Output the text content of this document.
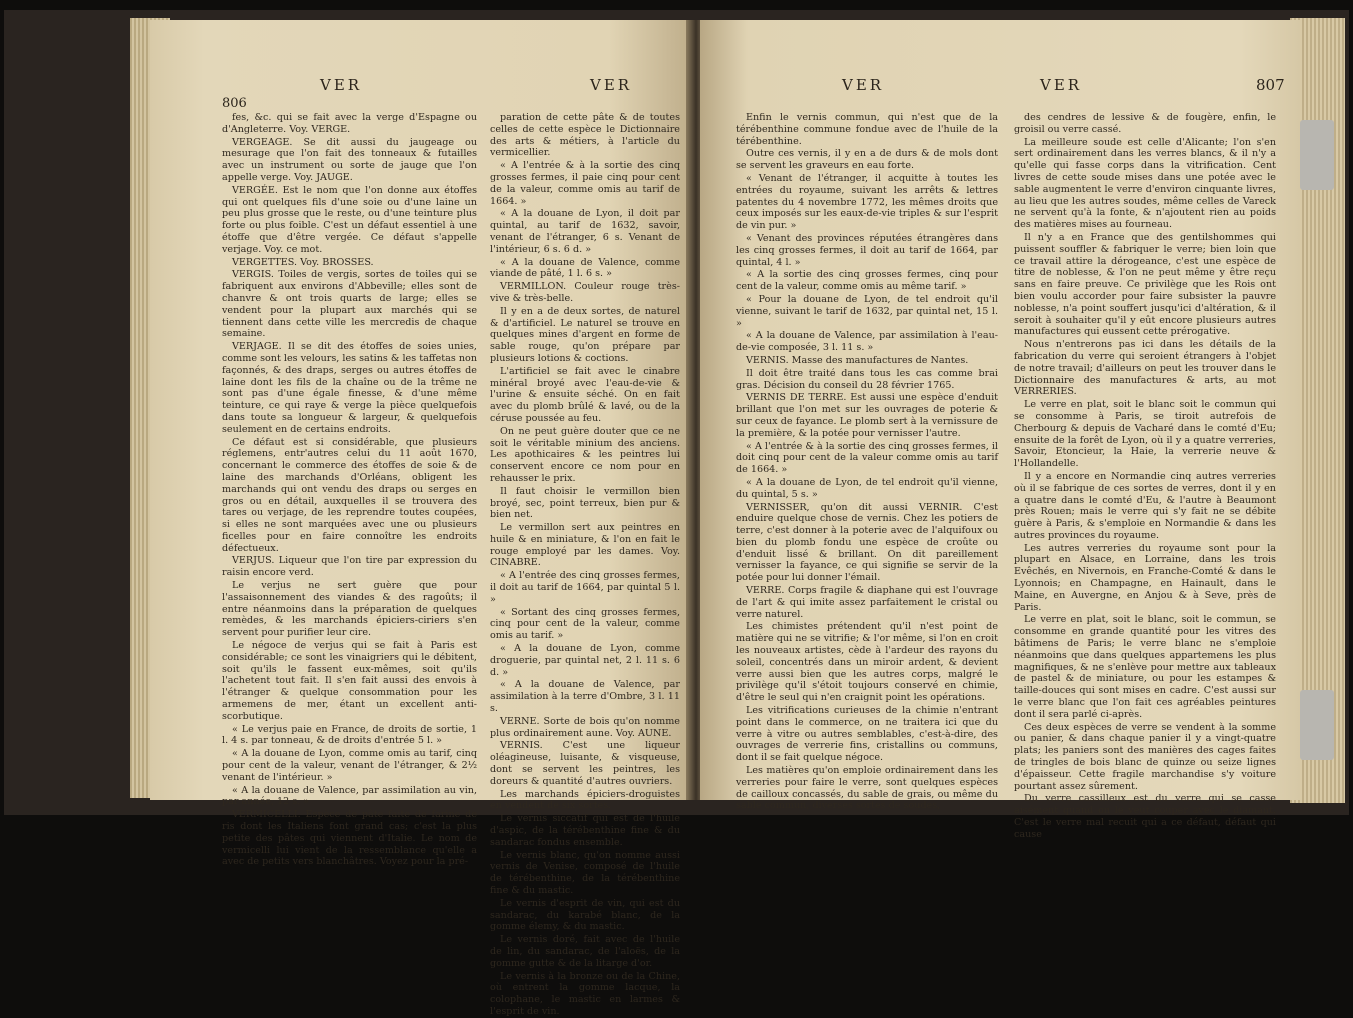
806
VER	VER

fes, &c. qui se fait avec la verge d'Espagne ou d'Angleterre. Voy. VERGE.

VERGEAGE. Se dit aussi du jaugeage ou mesurage que l'on fait des tonneaux & futailles avec un instrument ou sorte de jauge que l'on appelle verge. Voy. JAUGE.

VERGÉE. Est le nom que l'on donne aux étoffes qui ont quelques fils d'une soie ou d'une laine un peu plus grosse que le reste, ou d'une teinture plus forte ou plus foible. C'est un défaut essentiel à une étoffe que d'être vergée. Ce défaut s'appelle verjage. Voy. ce mot.

VERGETTES. Voy. BROSSES.

VERGIS. Toiles de vergis, sortes de toiles qui se fabriquent aux environs d'Abbeville; elles sont de chanvre & ont trois quarts de large; elles se vendent pour la plupart aux marchés qui se tiennent dans cette ville les mercredis de chaque semaine.

VERJAGE. Il se dit des étoffes de soies unies, comme sont les velours, les satins & les taffetas non façonnés, & des draps, serges ou autres étoffes de laine dont les fils de la chaîne ou de la trême ne sont pas d'une égale finesse, & d'une même teinture, ce qui raye & verge la pièce quelquefois dans toute sa longueur & largeur, & quelquefois seulement en de certains endroits.

Ce défaut est si considérable, que plusieurs réglemens, entr'autres celui du 11 août 1670, concernant le commerce des étoffes de soie & de laine des marchands d'Orléans, obligent les marchands qui ont vendu des draps ou serges en gros ou en détail, auxquelles il se trouvera des tares ou verjage, de les reprendre toutes coupées, si elles ne sont marquées avec une ou plusieurs ficelles pour en faire connoître les endroits défectueux.

VERJUS. Liqueur que l'on tire par expression du raisin encore verd.

Le verjus ne sert guère que pour l'assaisonnement des viandes & des ragoûts; il entre néanmoins dans la préparation de quelques remèdes, & les marchands épiciers-ciriers s'en servent pour purifier leur cire.

Le négoce de verjus qui se fait à Paris est considérable; ce sont les vinaigriers qui le débitent, soit qu'ils le fassent eux-mêmes, soit qu'ils l'achetent tout fait. Il s'en fait aussi des envois à l'étranger & quelque consommation pour les armemens de mer, étant un excellent anti-scorbutique.

« Le verjus paie en France, de droits de sortie, 1 l. 4 s. par tonneau, & de droits d'entrée 5 l. »

« A la douane de Lyon, comme omis au tarif, cinq pour cent de la valeur, venant de l'étranger, & 2½ venant de l'intérieur. »

« A la douane de Valence, par assimilation au vin, par année, 12 s. »

VERMICELLI. Espèce de pâte faite de farine de ris dont les Italiens font grand cas; c'est la plus petite des pâtes qui viennent d'Italie. Le nom de vermicelli lui vient de la ressemblance qu'elle a avec de petits vers blanchâtres. Voyez pour la pré-

paration de cette pâte & de toutes celles de cette espèce le Dictionnaire des arts & métiers, à l'article du vermicellier.

« A l'entrée & à la sortie des cinq grosses fermes, il paie cinq pour cent de la valeur, comme omis au tarif de 1664. »

« A la douane de Lyon, il doit par quintal, au tarif de 1632, savoir, venant de l'étranger, 6 s. Venant de l'intérieur, 6 s. 6 d. »

« A la douane de Valence, comme viande de pâté, 1 l. 6 s. »

VERMILLON. Couleur rouge très-vive & très-belle.

Il y en a de deux sortes, de naturel & d'artificiel. Le naturel se trouve en quelques mines d'argent en forme de sable rouge, qu'on prépare par plusieurs lotions & coctions.

L'artificiel se fait avec le cinabre minéral broyé avec l'eau-de-vie & l'urine & ensuite séché. On en fait avec du plomb brûlé & lavé, ou de la céruse poussée au feu.

On ne peut guère douter que ce ne soit le véritable minium des anciens. Les apothicaires & les peintres lui conservent encore ce nom pour en rehausser le prix.

Il faut choisir le vermillon bien broyé, sec, point terreux, bien pur & bien net.

Le vermillon sert aux peintres en huile & en miniature, & l'on en fait le rouge employé par les dames. Voy. CINABRE.

« A l'entrée des cinq grosses fermes, il doit au tarif de 1664, par quintal 5 l. »

« Sortant des cinq grosses fermes, cinq pour cent de la valeur, comme omis au tarif. »

« A la douane de Lyon, comme droguerie, par quintal net, 2 l. 11 s. 6 d. »

« A la douane de Valence, par assimilation à la terre d'Ombre, 3 l. 11 s.

VERNE. Sorte de bois qu'on nomme plus ordinairement aune. Voy. AUNE.

VERNIS. C'est une liqueur oléagineuse, luisante, & visqueuse, dont se servent les peintres, les doreurs & quantité d'autres ouvriers.

Les marchands épiciers-droguistes en vendent de six sortes.

Le vernis siccatif qui est de l'huile d'aspic, de la térébenthine fine & du sandarac fondus ensemble.

Le vernis blanc, qu'on nomme aussi vernis de Venise, composé de l'huile de térébenthine, de la térébenthine fine & du mastic.

Le vernis d'esprit de vin, qui est du sandarac, du karabé blanc, de la gomme élemy, & du mastic.

Le vernis doré, fait avec de l'huile de lin, du sandarac, de l'aloës, de la gomme gutte & de la litarge d'or.

Le vernis à la bronze ou de la Chine, où entrent la gomme lacque, la colophane, le mastic en larmes & l'esprit de vin.

VER	VER	807

Enfin le vernis commun, qui n'est que de la térébenthine commune fondue avec de l'huile de la térébenthine.

Outre ces vernis, il y en a de durs & de mols dont se servent les graveurs en eau forte.

« Venant de l'étranger, il acquitte à toutes les entrées du royaume, suivant les arrêts & lettres patentes du 4 novembre 1772, les mêmes droits que ceux imposés sur les eaux-de-vie triples & sur l'esprit de vin pur. »

« Venant des provinces réputées étrangères dans les cinq grosses fermes, il doit au tarif de 1664, par quintal, 4 l. »

« A la sortie des cinq grosses fermes, cinq pour cent de la valeur, comme omis au même tarif. »

« Pour la douane de Lyon, de tel endroit qu'il vienne, suivant le tarif de 1632, par quintal net, 15 l. »

« A la douane de Valence, par assimilation à l'eau-de-vie composée, 3 l. 11 s. »

VERNIS. Masse des manufactures de Nantes.

Il doit être traité dans tous les cas comme brai gras. Décision du conseil du 28 février 1765.

VERNIS DE TERRE. Est aussi une espèce d'enduit brillant que l'on met sur les ouvrages de poterie & sur ceux de fayance. Le plomb sert à la vernissure de la première, & la potée pour vernisser l'autre.

« A l'entrée & à la sortie des cinq grosses fermes, il doit cinq pour cent de la valeur comme omis au tarif de 1664. »

« A la douane de Lyon, de tel endroit qu'il vienne, du quintal, 5 s. »

VERNISSER, qu'on dit aussi VERNIR. C'est enduire quelque chose de vernis. Chez les potiers de terre, c'est donner à la poterie avec de l'alquifoux ou bien du plomb fondu une espèce de croûte ou d'enduit lissé & brillant. On dit pareillement vernisser la fayance, ce qui signifie se servir de la potée pour lui donner l'émail.

VERRE. Corps fragile & diaphane qui est l'ouvrage de l'art & qui imite assez parfaitement le cristal ou verre naturel.

Les chimistes prétendent qu'il n'est point de matière qui ne se vitrifie; & l'or même, si l'on en croit les nouveaux artistes, cède à l'ardeur des rayons du soleil, concentrés dans un miroir ardent, & devient verre aussi bien que les autres corps, malgré le privilège qu'il s'étoit toujours conservé en chimie, d'être le seul qui n'en craignit point les opérations.

Les vitrifications curieuses de la chimie n'entrant point dans le commerce, on ne traitera ici que du verre à vitre ou autres semblables, c'est-à-dire, des ouvrages de verrerie fins, cristallins ou communs, dont il se fait quelque négoce.

Les matières qu'on emploie ordinairement dans les verreries pour faire le verre, sont quelques espèces de cailloux concassés, du sable de grais, ou même du sable commun, diverses sortes de soudes,

des cendres de lessive & de fougère, enfin, le groisil ou verre cassé.

La meilleure soude est celle d'Alicante; l'on s'en sert ordinairement dans les verres blancs, & il n'y a qu'elle qui fasse corps dans la vitrification. Cent livres de cette soude mises dans une potée avec le sable augmentent le verre d'environ cinquante livres, au lieu que les autres soudes, même celles de Vareck ne servent qu'à la fonte, & n'ajoutent rien au poids des matières mises au fourneau.

Il n'y a en France que des gentilshommes qui puissent souffler & fabriquer le verre; bien loin que ce travail attire la dérogeance, c'est une espèce de titre de noblesse, & l'on ne peut même y être reçu sans en faire preuve. Ce privilège que les Rois ont bien voulu accorder pour faire subsister la pauvre noblesse, n'a point souffert jusqu'ici d'altération, & il seroit à souhaiter qu'il y eût encore plusieurs autres manufactures qui eussent cette prérogative.

Nous n'entrerons pas ici dans les détails de la fabrication du verre qui seroient étrangers à l'objet de notre travail; d'ailleurs on peut les trouver dans le Dictionnaire des manufactures & arts, au mot VERRERIES.

Le verre en plat, soit le blanc soit le commun qui se consomme à Paris, se tiroit autrefois de Cherbourg & depuis de Vacharé dans le comté d'Eu; ensuite de la forêt de Lyon, où il y a quatre verreries, Savoir, Etoncieur, la Haie, la verrerie neuve & l'Hollandelle.

Il y a encore en Normandie cinq autres verreries où il se fabrique de ces sortes de verres, dont il y en a quatre dans le comté d'Eu, & l'autre à Beaumont près Rouen; mais le verre qui s'y fait ne se débite guère à Paris, & s'emploie en Normandie & dans les autres provinces du royaume.

Les autres verreries du royaume sont pour la plupart en Alsace, en Lorraine, dans les trois Evêchés, en Nivernois, en Franche-Comté & dans le Lyonnois; en Champagne, en Hainault, dans le Maine, en Auvergne, en Anjou & à Seve, près de Paris.

Le verre en plat, soit le blanc, soit le commun, se consomme en grande quantité pour les vitres des bâtimens de Paris; le verre blanc ne s'emploie néanmoins que dans quelques appartemens les plus magnifiques, & ne s'enlève pour mettre aux tableaux de pastel & de miniature, ou pour les estampes & taille-douces qui sont mises en cadre. C'est aussi sur le verre blanc que l'on fait ces agréables peintures dont il sera parlé ci-après.

Ces deux espèces de verre se vendent à la somme ou panier, & dans chaque panier il y a vingt-quatre plats; les paniers sont des manières des cages faites de tringles de bois blanc de quinze ou seize lignes d'épaisseur. Cette fragile marchandise s'y voiture pourtant assez sûrement.

Du verre cassilleux est du verre qui se casse aisément quand on le veut couper avec le diamant. C'est le verre mal recuit qui a ce défaut, défaut qui cause
